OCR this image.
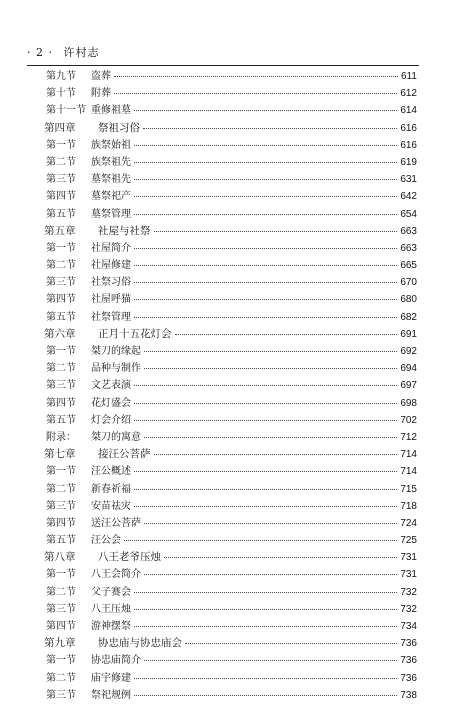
· 2 · 许村志
第九节	盗葬	611
第十节	附葬	612
第十一节 重修祖墓	614
第四章	祭祖习俗	616
第一节	族祭始祖	616
第二节	族祭祖先	619
第三节	墓祭祖先	631
第四节	墓祭祀产	642
第五节	墓祭管理	654
第五章	社屋与社祭	663
第一节	社屋简介	663
第二节	社屋修建	665
第三节	社祭习俗	670
第四节	社屋呼猫	680
第五节	社祭管理	682
第六章	正月十五花灯会	691
第一节	桀刀的缘起	692
第二节	品种与制作	694
第三节	文艺表演	697
第四节	花灯盛会	698
第五节	灯会介绍	702
附录：	桀刀的寓意	712
第七章	接汪公菩萨	714
第一节	汪公概述	714
第二节	新春祈福	715
第三节	安苗祛灾	718
第四节	送汪公菩萨	724
第五节	汪公会	725
第八章	八王老爷压烛	731
第一节	八王会简介	731
第二节	父子赛会	732
第三节	八王压烛	732
第四节	游神摆祭	734
第九章	协忠庙与协忠庙会	736
第一节	协忠庙简介	736
第二节	庙宇修建	736
第三节	祭祀规例	738
